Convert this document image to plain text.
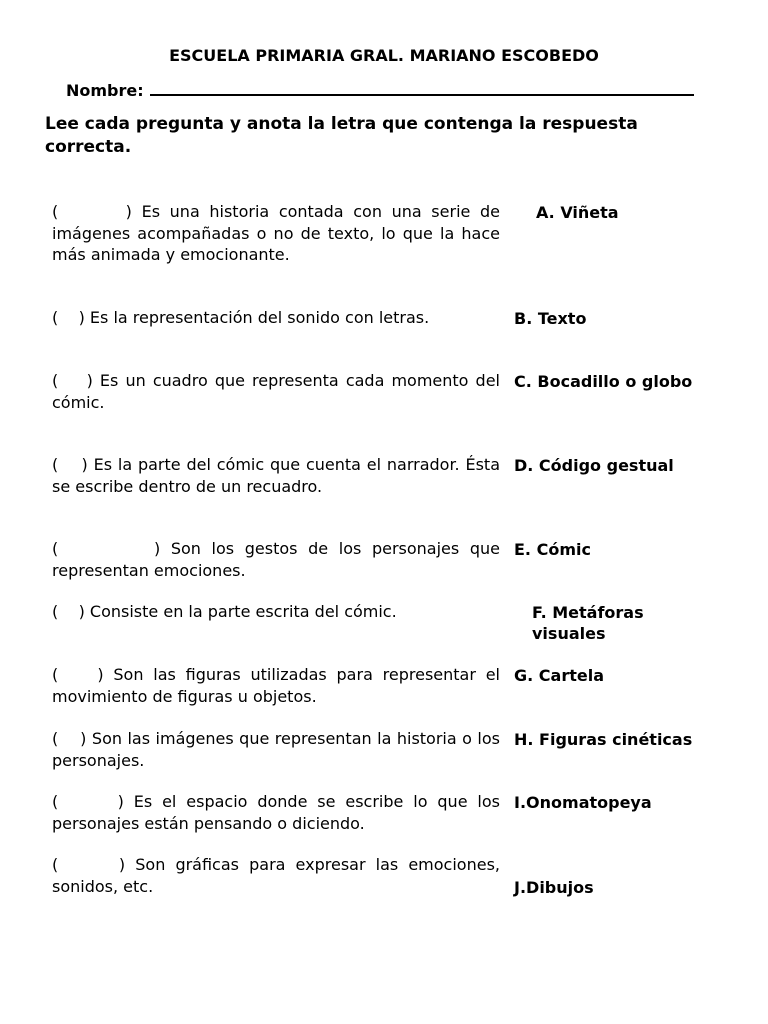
ESCUELA PRIMARIA GRAL. MARIANO ESCOBEDO
Nombre:
Lee cada pregunta y anota la letra que contenga la respuesta correcta.
(       ) Es una historia contada con una serie de imágenes acompañadas o no de texto, lo que la hace más animada y emocionante.
(    ) Es la representación del sonido con letras.
(    ) Es un cuadro que representa cada momento del cómic.
(    ) Es la parte del cómic que cuenta el narrador. Ésta se escribe dentro de un recuadro.
(         ) Son los gestos de los personajes que representan emociones.
(    ) Consiste en la parte escrita del cómic.
(    ) Son las figuras utilizadas para representar el movimiento de figuras u objetos.
(    ) Son las imágenes que representan la historia o los personajes.
(      ) Es el espacio donde se escribe lo que los personajes están pensando o diciendo.
(      ) Son gráficas para expresar las emociones, sonidos, etc.
A. Viñeta
B. Texto
C. Bocadillo o globo
D. Código gestual
E. Cómic
F. Metáforas visuales
G. Cartela
H. Figuras cinéticas
I.Onomatopeya
J.Dibujos
